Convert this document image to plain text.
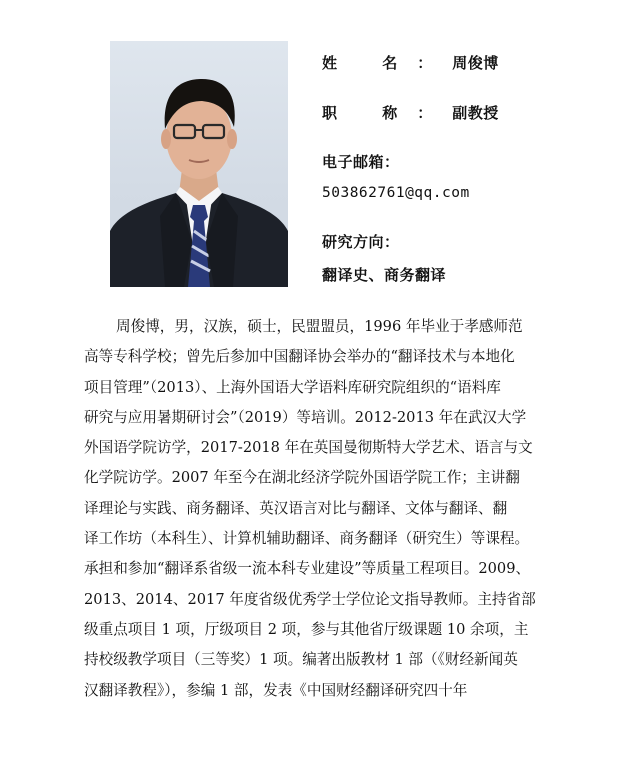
姓 名：周俊博
职 称：副教授
电子邮箱：
503862761@qq.com
研究方向：
翻译史、商务翻译
周俊博，男，汉族，硕士，民盟盟员，1996 年毕业于孝感师范
高等专科学校；曾先后参加中国翻译协会举办的“翻译技术与本地化
项目管理”（2013）、上海外国语大学语料库研究院组织的“语料库
研究与应用暑期研讨会”（2019）等培训。2012-2013 年在武汉大学
外国语学院访学，2017-2018 年在英国曼彻斯特大学艺术、语言与文
化学院访学。2007 年至今在湖北经济学院外国语学院工作；主讲翻
译理论与实践、商务翻译、英汉语言对比与翻译、文体与翻译、翻
译工作坊（本科生）、计算机辅助翻译、商务翻译（研究生）等课程。
承担和参加“翻译系省级一流本科专业建设”等质量工程项目。2009、
2013、2014、2017 年度省级优秀学士学位论文指导教师。主持省部
级重点项目 1 项，厅级项目 2 项，参与其他省厅级课题 10 余项，主
持校级教学项目（三等奖）1 项。编著出版教材 1 部（《财经新闻英
汉翻译教程》），参编 1 部，发表《中国财经翻译研究四十年
